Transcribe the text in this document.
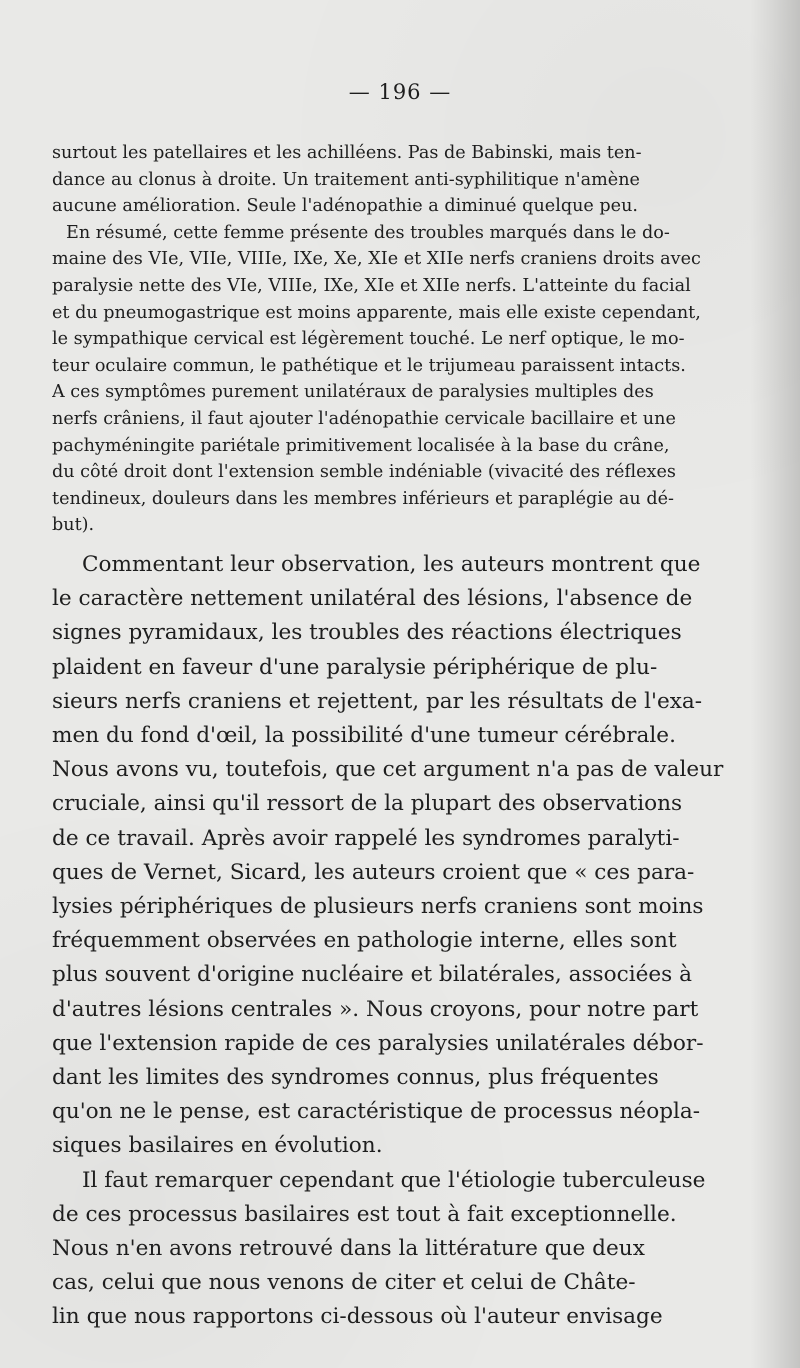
— 196 —
surtout les patellaires et les achilléens. Pas de Babinski, mais ten-
dance au clonus à droite. Un traitement anti-syphilitique n'amène
aucune amélioration. Seule l'adénopathie a diminué quelque peu.
En résumé, cette femme présente des troubles marqués dans le do-
maine des VIe, VIIe, VIIIe, IXe, Xe, XIe et XIIe nerfs craniens droits avec
paralysie nette des VIe, VIIIe, IXe, XIe et XIIe nerfs. L'atteinte du facial
et du pneumogastrique est moins apparente, mais elle existe cependant,
le sympathique cervical est légèrement touché. Le nerf optique, le mo-
teur oculaire commun, le pathétique et le trijumeau paraissent intacts.
A ces symptômes purement unilatéraux de paralysies multiples des
nerfs crâniens, il faut ajouter l'adénopathie cervicale bacillaire et une
pachyméningite pariétale primitivement localisée à la base du crâne,
du côté droit dont l'extension semble indéniable (vivacité des réflexes
tendineux, douleurs dans les membres inférieurs et paraplégie au dé-
but).
Commentant leur observation, les auteurs montrent que
le caractère nettement unilatéral des lésions, l'absence de
signes pyramidaux, les troubles des réactions électriques
plaident en faveur d'une paralysie périphérique de plu-
sieurs nerfs craniens et rejettent, par les résultats de l'exa-
men du fond d'œil, la possibilité d'une tumeur cérébrale.
Nous avons vu, toutefois, que cet argument n'a pas de valeur
cruciale, ainsi qu'il ressort de la plupart des observations
de ce travail. Après avoir rappelé les syndromes paralyti-
ques de Vernet, Sicard, les auteurs croient que « ces para-
lysies périphériques de plusieurs nerfs craniens sont moins
fréquemment observées en pathologie interne, elles sont
plus souvent d'origine nucléaire et bilatérales, associées à
d'autres lésions centrales ». Nous croyons, pour notre part
que l'extension rapide de ces paralysies unilatérales débor-
dant les limites des syndromes connus, plus fréquentes
qu'on ne le pense, est caractéristique de processus néopla-
siques basilaires en évolution.
Il faut remarquer cependant que l'étiologie tuberculeuse
de ces processus basilaires est tout à fait exceptionnelle.
Nous n'en avons retrouvé dans la littérature que deux
cas, celui que nous venons de citer et celui de Châte-
lin que nous rapportons ci-dessous où l'auteur envisage
